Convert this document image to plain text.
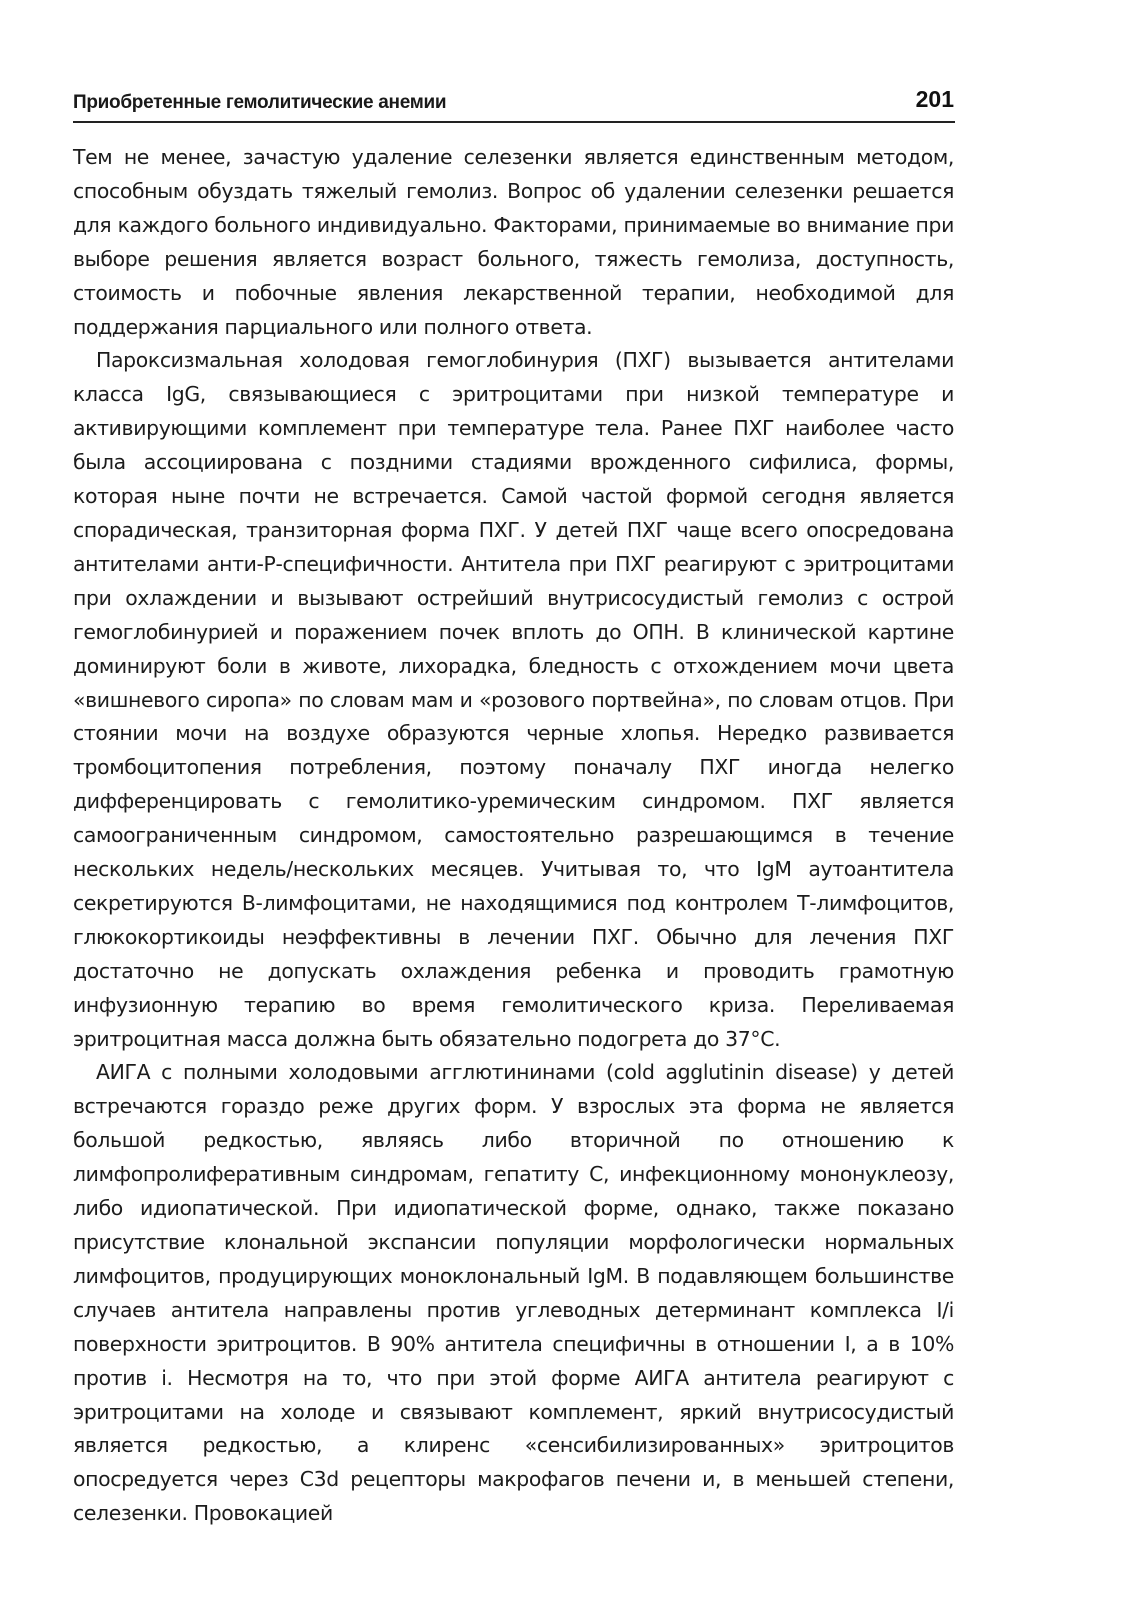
Приобретенные гемолитические анемии	201

Тем не менее, зачастую удаление селезенки является единственным методом, способным обуздать тяжелый гемолиз. Вопрос об удалении селезенки решается для каждого больного индивидуально. Факторами, принимаемые во внимание при выборе решения является возраст больного, тяжесть гемолиза, доступность, стоимость и побочные явления лекарственной терапии, необходимой для поддержания парциального или полного ответа.

Пароксизмальная холодовая гемоглобинурия (ПХГ) вызывается антителами класса IgG, связывающиеся с эритроцитами при низкой температуре и активирующими комплемент при температуре тела. Ранее ПХГ наиболее часто была ассоциирована с поздними стадиями врожденного сифилиса, формы, которая ныне почти не встречается. Самой частой формой сегодня является спорадическая, транзиторная форма ПХГ. У детей ПХГ чаще всего опосредована антителами анти-Р-специфичности. Антитела при ПХГ реагируют с эритроцитами при охлаждении и вызывают острейший внутрисосудистый гемолиз с острой гемоглобинурией и поражением почек вплоть до ОПН. В клинической картине доминируют боли в животе, лихорадка, бледность с отхождением мочи цвета «вишневого сиропа» по словам мам и «розового портвейна», по словам отцов. При стоянии мочи на воздухе образуются черные хлопья. Нередко развивается тромбоцитопения потребления, поэтому поначалу ПХГ иногда нелегко дифференцировать с гемолитико-уремическим синдромом. ПХГ является самоограниченным синдромом, самостоятельно разрешающимся в течение нескольких недель/нескольких месяцев. Учитывая то, что IgM аутоантитела секретируются В-лимфоцитами, не находящимися под контролем Т-лимфоцитов, глюкокортикоиды неэффективны в лечении ПХГ. Обычно для лечения ПХГ достаточно не допускать охлаждения ребенка и проводить грамотную инфузионную терапию во время гемолитического криза. Переливаемая эритроцитная масса должна быть обязательно подогрета до 37°С.

АИГА с полными холодовыми агглютининами (cold agglutinin disease) у детей встречаются гораздо реже других форм. У взрослых эта форма не является большой редкостью, являясь либо вторичной по отношению к лимфопролиферативным синдромам, гепатиту С, инфекционному мононуклеозу, либо идиопатической. При идиопатической форме, однако, также показано присутствие клональной экспансии популяции морфологически нормальных лимфоцитов, продуцирующих моноклональный IgM. В подавляющем большинстве случаев антитела направлены против углеводных детерминант комплекса I/i поверхности эритроцитов. В 90% антитела специфичны в отношении I, а в 10% против i. Несмотря на то, что при этой форме АИГА антитела реагируют с эритроцитами на холоде и связывают комплемент, яркий внутрисосудистый является редкостью, а клиренс «сенсибилизированных» эритроцитов опосредуется через С3d рецепторы макрофагов печени и, в меньшей степени, селезенки. Провокацией
